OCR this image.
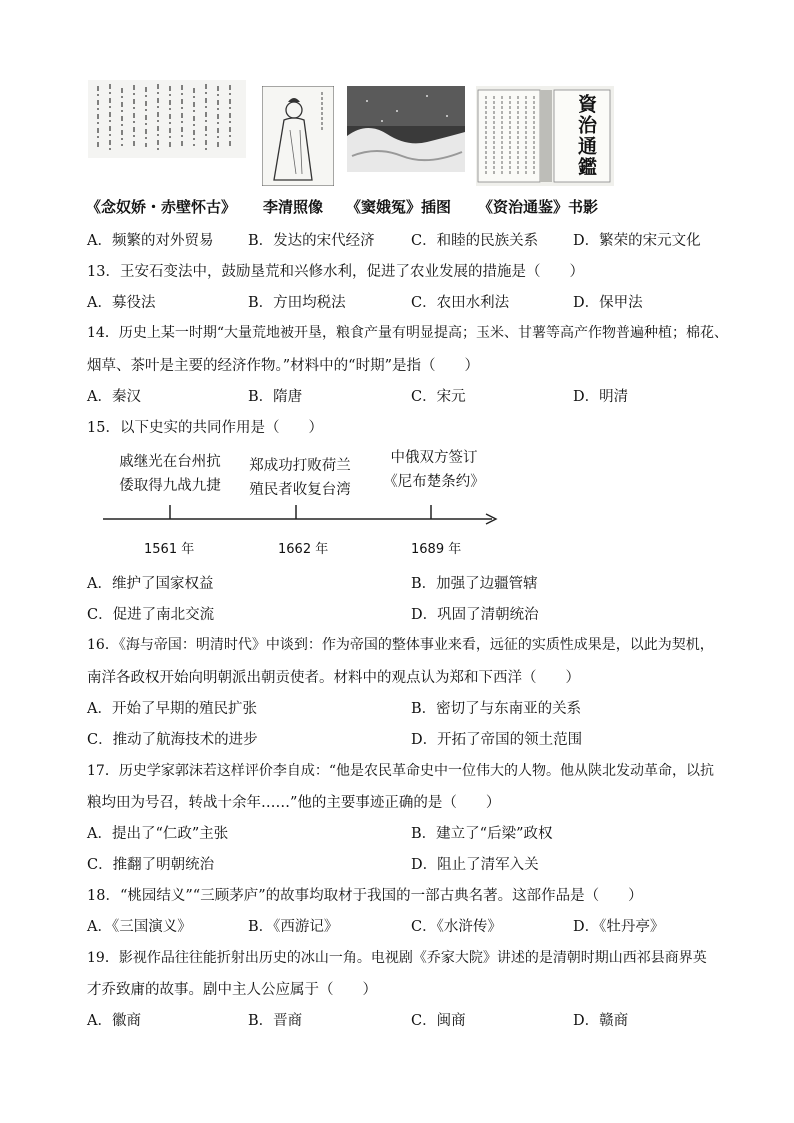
資治通鑑
《念奴娇・赤壁怀古》 李清照像 《窦娥冤》插图 《资治通鉴》书影
A．频繁的对外贸易 B．发达的宋代经济	C．和睦的民族关系 D．繁荣的宋元文化
13．王安石变法中，鼓励垦荒和兴修水利，促进了农业发展的措施是（　　）
A．募役法	B．方田均税法	C．农田水利法	D．保甲法
14．历史上某一时期“大量荒地被开垦，粮食产量有明显提高；玉米、甘薯等高产作物普遍种植；棉花、
烟草、茶叶是主要的经济作物。”材料中的“时期”是指（　　）
A．秦汉	B．隋唐	C．宋元	D．明清
15．以下史实的共同作用是（　　）
戚继光在台州抗
倭取得九战九捷
郑成功打败荷兰
殖民者收复台湾
中俄双方签订
《尼布楚条约》
1561 年	1662 年	1689 年
A．维护了国家权益	B．加强了边疆管辖
C．促进了南北交流	D．巩固了清朝统治
16．《海与帝国：明清时代》中谈到：作为帝国的整体事业来看，远征的实质性成果是，以此为契机，
南洋各政权开始向明朝派出朝贡使者。材料中的观点认为郑和下西洋（　　）
A．开始了早期的殖民扩张	B．密切了与东南亚的关系
C．推动了航海技术的进步	D．开拓了帝国的领土范围
17．历史学家郭沫若这样评价李自成：“他是农民革命史中一位伟大的人物。他从陕北发动革命，以抗
粮均田为号召，转战十余年……”他的主要事迹正确的是（　　）
A．提出了“仁政”主张	B．建立了“后梁”政权
C．推翻了明朝统治	D．阻止了清军入关
18．“桃园结义”“三顾茅庐”的故事均取材于我国的一部古典名著。这部作品是（　　）
A．《三国演义》	B．《西游记》	C．《水浒传》	D．《牡丹亭》
19．影视作品往往能折射出历史的冰山一角。电视剧《乔家大院》讲述的是清朝时期山西祁县商界英
才乔致庸的故事。剧中主人公应属于（　　）
A．徽商	B．晋商	C．闽商	D．赣商
